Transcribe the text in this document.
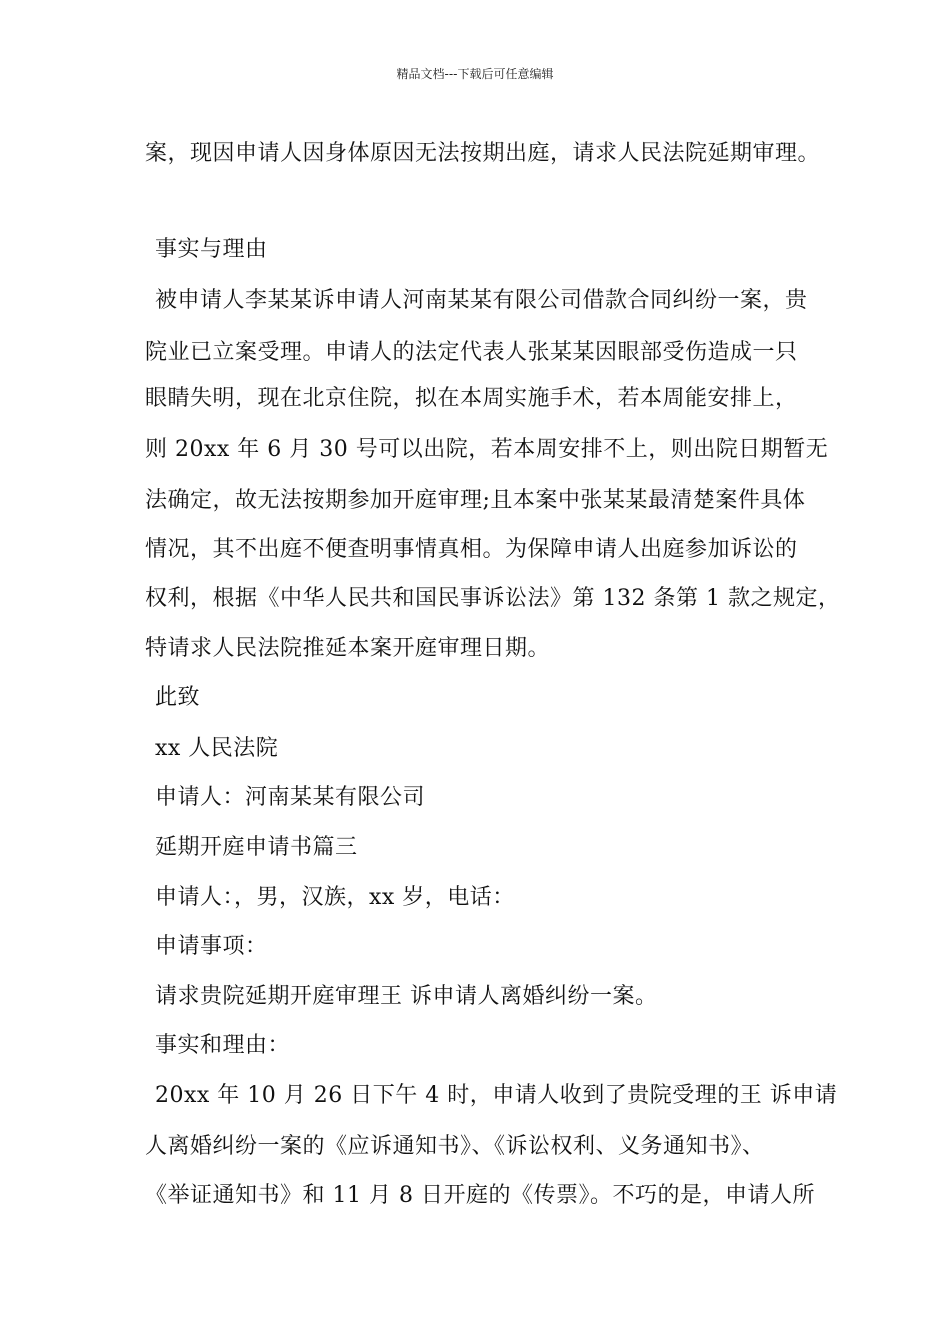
精品文档---下载后可任意编辑
案，现因申请人因身体原因无法按期出庭，请求人民法院延期审理。
事实与理由
被申请人李某某诉申请人河南某某有限公司借款合同纠纷一案，贵
院业已立案受理。申请人的法定代表人张某某因眼部受伤造成一只
眼睛失明，现在北京住院，拟在本周实施手术，若本周能安排上，
则 20xx 年 6 月 30 号可以出院，若本周安排不上，则出院日期暂无
法确定，故无法按期参加开庭审理;且本案中张某某最清楚案件具体
情况，其不出庭不便查明事情真相。为保障申请人出庭参加诉讼的
权利，根据《中华人民共和国民事诉讼法》第 132 条第 1 款之规定，
特请求人民法院推延本案开庭审理日期。
此致
xx 人民法院
申请人：河南某某有限公司
延期开庭申请书篇三
申请人：，男，汉族，xx 岁，电话：
申请事项：
请求贵院延期开庭审理王 诉申请人离婚纠纷一案。
事实和理由：
20xx 年 10 月 26 日下午 4 时，申请人收到了贵院受理的王 诉申请
人离婚纠纷一案的《应诉通知书》、《诉讼权利、义务通知书》、
《举证通知书》和 11 月 8 日开庭的《传票》。不巧的是，申请人所
